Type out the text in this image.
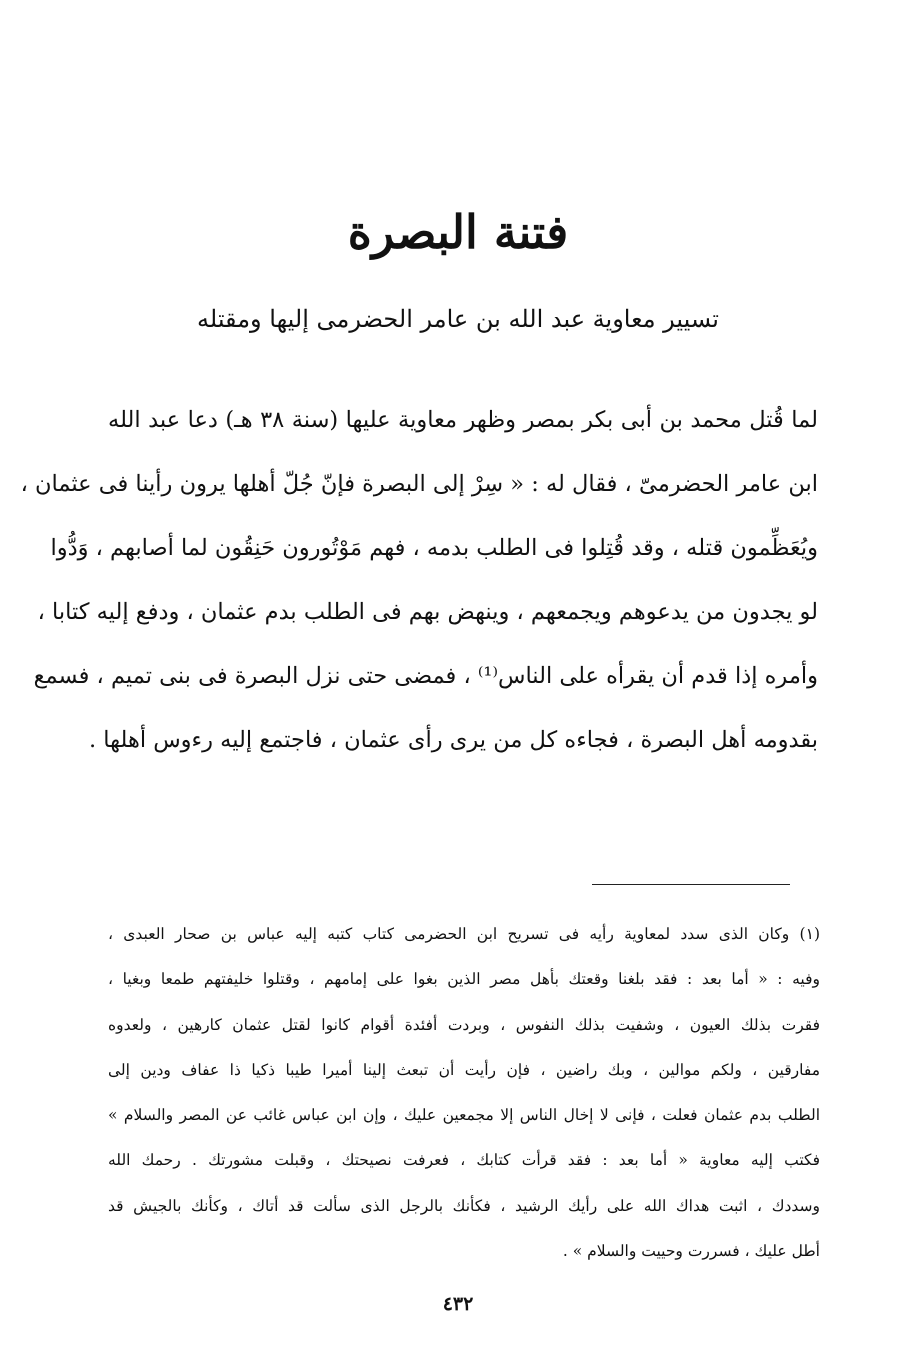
فتنة البصرة
تسيير معاوية عبد الله بن عامر الحضرمى إليها ومقتله
لما قُتل محمد بن أبى بكر بمصر وظهر معاوية عليها (سنة ٣٨ هـ) دعا عبد الله
ابن عامر الحضرمىّ ، فقال له : « سِرْ إلى البصرة فإنّ جُلّ أهلها يرون رأينا فى عثمان ،
ويُعَظِّمون قتله ، وقد قُتِلوا فى الطلب بدمه ، فهم مَوْتُورون حَنِقُون لما أصابهم ، وَدُّوا
لو يجدون من يدعوهم ويجمعهم ، وينهض بهم فى الطلب بدم عثمان ، ودفع إليه كتابا ،
وأمره إذا قدم أن يقرأه على الناس⁽¹⁾ ، فمضى حتى نزل البصرة فى بنى تميم ، فسمع
بقدومه أهل البصرة ، فجاءه كل من يرى رأى عثمان ، فاجتمع إليه رءوس أهلها .
(١) وكان الذى سدد لمعاوية رأيه فى تسريح ابن الحضرمى كتاب كتبه إليه عباس بن صحار العبدى ،
وفيه : « أما بعد : فقد بلغنا وقعتك بأهل مصر الذين بغوا على إمامهم ، وقتلوا خليفتهم طمعا وبغيا ،
فقرت بذلك العيون ، وشفيت بذلك النفوس ، وبردت أفئدة أقوام كانوا لقتل عثمان كارهين ، ولعدوه
مفارقين ، ولكم موالين ، وبك راضين ، فإن رأيت أن تبعث إلينا أميرا طيبا ذكيا ذا عفاف ودين إلى
الطلب بدم عثمان فعلت ، فإنى لا إخال الناس إلا مجمعين عليك ، وإن ابن عباس غائب عن المصر والسلام »
فكتب إليه معاوية « أما بعد : فقد قرأت كتابك ، فعرفت نصيحتك ، وقبلت مشورتك . رحمك الله
وسددك ، اثبت هداك الله على رأيك الرشيد ، فكأنك بالرجل الذى سألت قد أتاك ، وكأنك بالجيش قد
أطل عليك ، فسررت وحييت والسلام » .
٤٣٢
